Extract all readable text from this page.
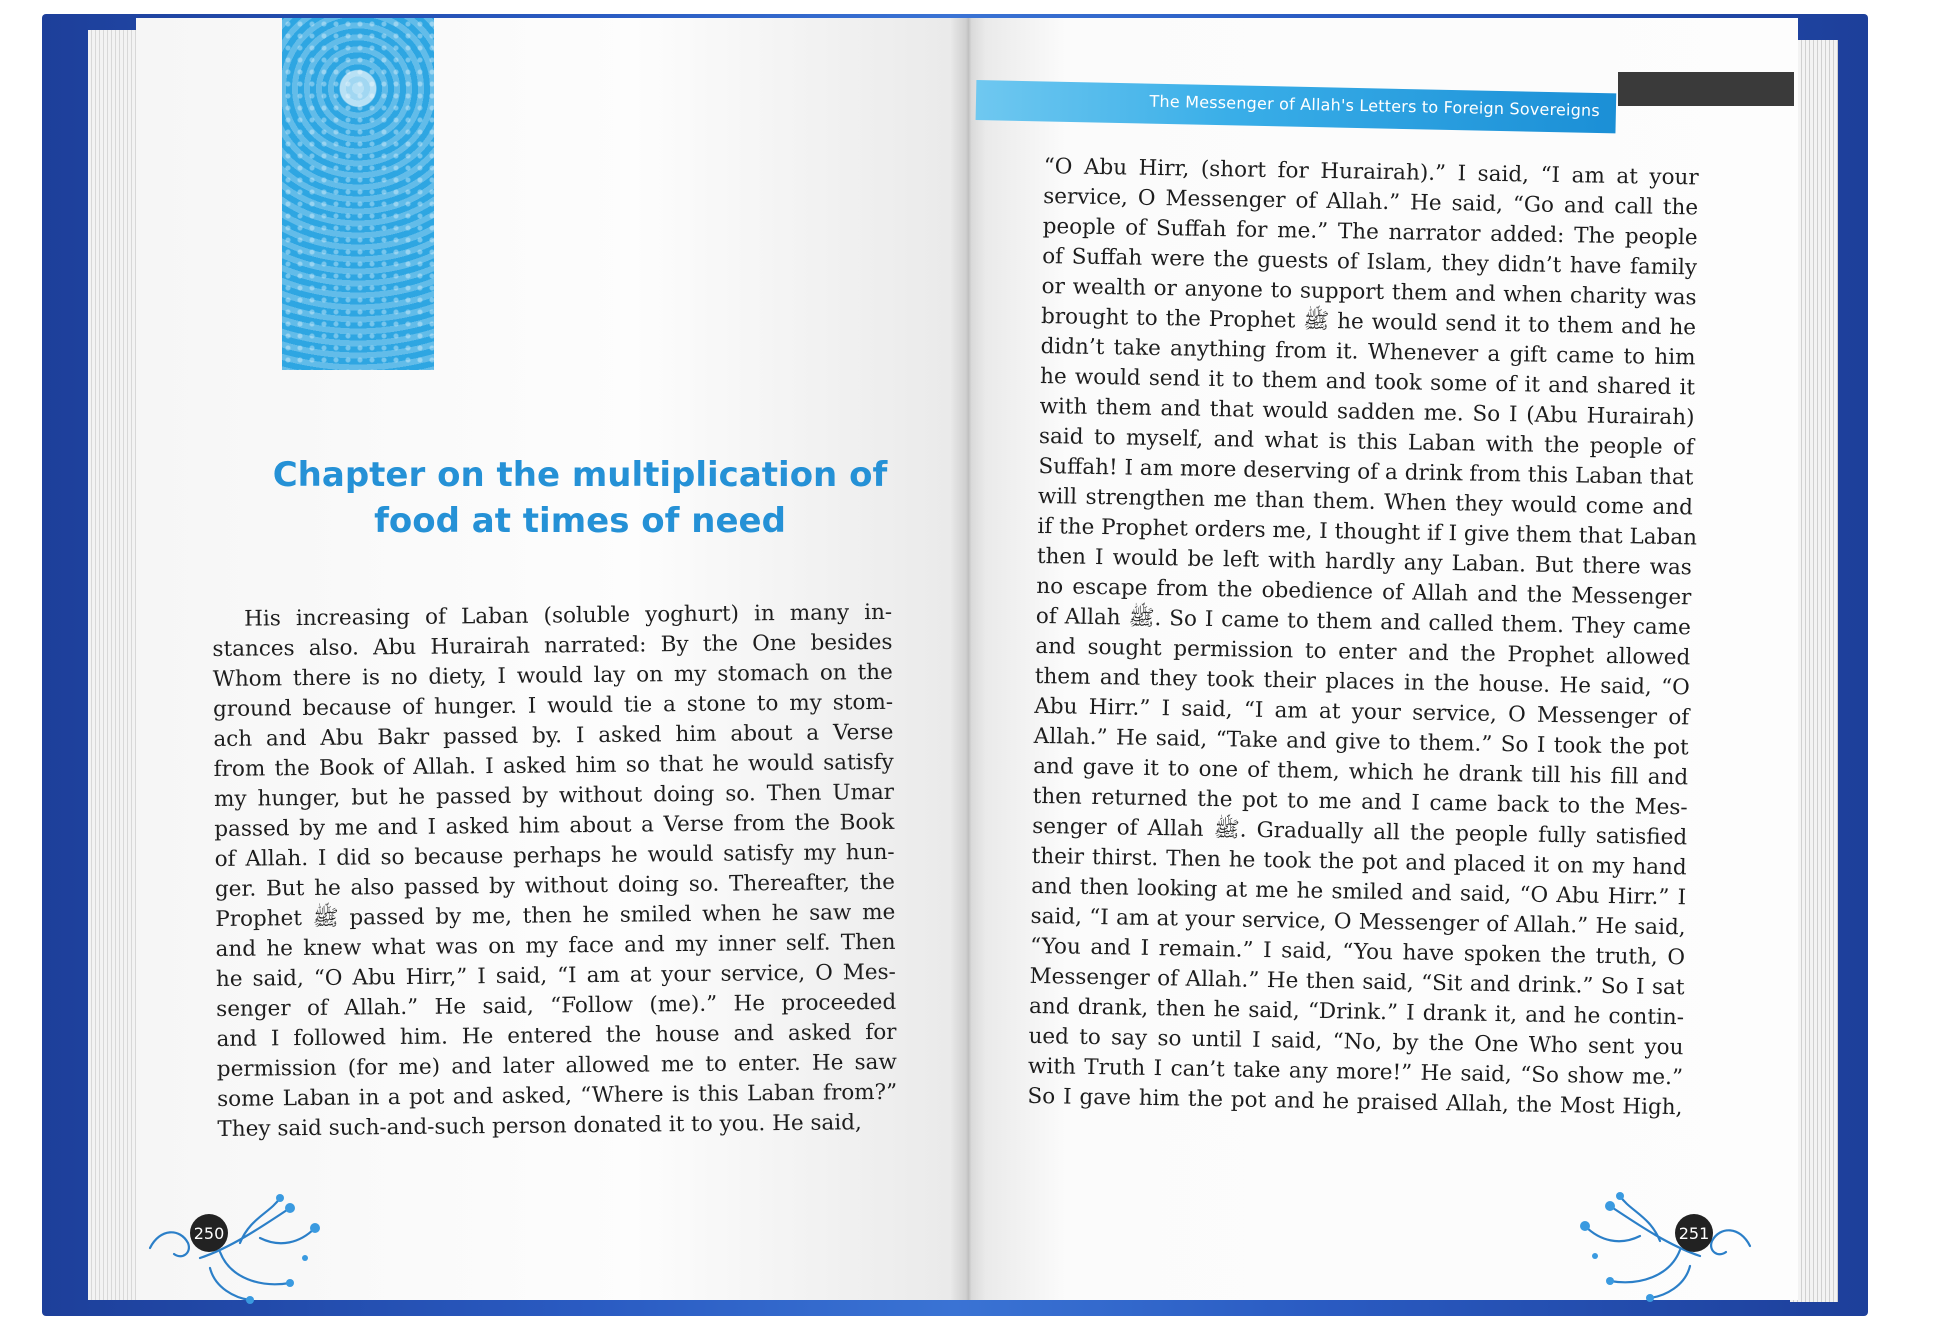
The Messenger of Allah's Letters to Foreign Sovereigns
Chapter on the multiplication of
food at times of need
His increasing of Laban (soluble yoghurt) in many in-
stances also. Abu Hurairah narrated: By the One besides
Whom there is no diety, I would lay on my stomach on the
ground because of hunger. I would tie a stone to my stom-
ach and Abu Bakr passed by. I asked him about a Verse
from the Book of Allah. I asked him so that he would satisfy
my hunger, but he passed by without doing so. Then Umar
passed by me and I asked him about a Verse from the Book
of Allah. I did so because perhaps he would satisfy my hun-
ger. But he also passed by without doing so. Thereafter, the
Prophet ﷺ passed by me, then he smiled when he saw me
and he knew what was on my face and my inner self. Then
he said, “O Abu Hirr,” I said, “I am at your service, O Mes-
senger of Allah.” He said, “Follow (me).” He proceeded
and I followed him. He entered the house and asked for
permission (for me) and later allowed me to enter. He saw
some Laban in a pot and asked, “Where is this Laban from?”
They said such-and-such person donated it to you. He said,
“O Abu Hirr, (short for Hurairah).” I said, “I am at your
service, O Messenger of Allah.” He said, “Go and call the
people of Suffah for me.” The narrator added: The people
of Suffah were the guests of Islam, they didn’t have family
or wealth or anyone to support them and when charity was
brought to the Prophet ﷺ he would send it to them and he
didn’t take anything from it. Whenever a gift came to him
he would send it to them and took some of it and shared it
with them and that would sadden me. So I (Abu Hurairah)
said to myself, and what is this Laban with the people of
Suffah! I am more deserving of a drink from this Laban that
will strengthen me than them. When they would come and
if the Prophet orders me, I thought if I give them that Laban
then I would be left with hardly any Laban. But there was
no escape from the obedience of Allah and the Messenger
of Allah ﷺ. So I came to them and called them. They came
and sought permission to enter and the Prophet allowed
them and they took their places in the house. He said, “O
Abu Hirr.” I said, “I am at your service, O Messenger of
Allah.” He said, “Take and give to them.” So I took the pot
and gave it to one of them, which he drank till his fill and
then returned the pot to me and I came back to the Mes-
senger of Allah ﷺ. Gradually all the people fully satisfied
their thirst. Then he took the pot and placed it on my hand
and then looking at me he smiled and said, “O Abu Hirr.” I
said, “I am at your service, O Messenger of Allah.” He said,
“You and I remain.” I said, “You have spoken the truth, O
Messenger of Allah.” He then said, “Sit and drink.” So I sat
and drank, then he said, “Drink.” I drank it, and he contin-
ued to say so until I said, “No, by the One Who sent you
with Truth I can’t take any more!” He said, “So show me.”
So I gave him the pot and he praised Allah, the Most High,
250	251
